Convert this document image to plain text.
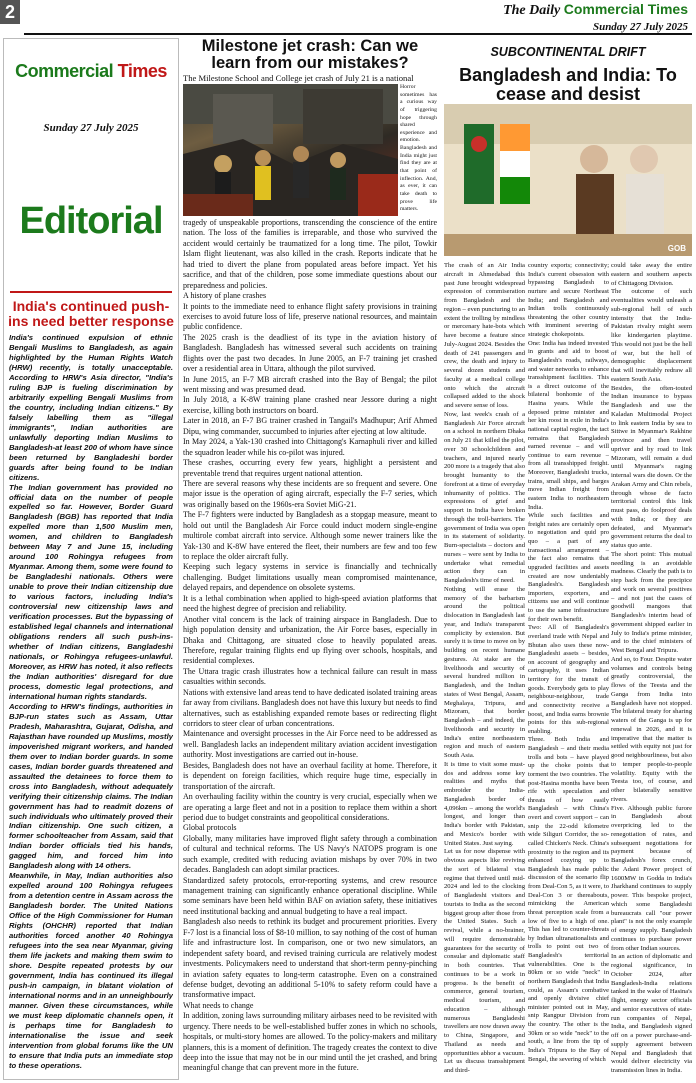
2	The Daily Commercial Times
Sunday 27 July 2025
Commercial Times
Sunday 27 July 2025
Editorial
India's continued push-ins need better response

India's continued expulsion of ethnic Bengali Muslims to Bangladesh, as again highlighted by the Human Rights Watch (HRW) recently, is totally unacceptable. According to HRW's Asia director, "India's ruling BJP is fueling discrimination by arbitrarily expelling Bengali Muslims from the country, including Indian citizens." By falsely labelling them as "illegal immigrants", Indian authorities are unlawfully deporting Indian Muslims to Bangladesh-at least 200 of whom have since been returned by Bangladeshi border guards after being found to be Indian citizens.

The Indian government has provided no official data on the number of people expelled so far. However, Border Guard Bangladesh (BGB) has reported that India expelled more than 1,500 Muslim men, women, and children to Bangladesh between May 7 and June 15, including around 100 Rohingya refugees from Myanmar. Among them, some were found to be Bangladeshi nationals. Others were unable to prove their Indian citizenship due to various factors, including India's controversial new citizenship laws and verification processes. But the bypassing of established legal channels and international obligations renders all such push-ins-whether of Indian citizens, Bangladeshi nationals, or Rohingya refugees-unlawful. Moreover, as HRW has noted, it also reflects the Indian authorities' disregard for due process, domestic legal protections, and international human rights standards.

According to HRW's findings, authorities in BJP-run states such as Assam, Uttar Pradesh, Maharashtra, Gujarat, Odisha, and Rajasthan have rounded up Muslims, mostly impoverished migrant workers, and handed them over to Indian border guards. In some cases, Indian border guards threatened and assaulted the detainees to force them to cross into Bangladesh, without adequately verifying their citizenship claims. The Indian government has had to readmit dozens of such individuals who ultimately proved their Indian citizenship. One such citizen, a former schoolteacher from Assam, said that Indian border officials tied his hands, gagged him, and forced him into Bangladesh along with 14 others.

Meanwhile, in May, Indian authorities also expelled around 100 Rohingya refugees from a detention centre in Assam across the Bangladesh border. The United Nations Office of the High Commissioner for Human Rights (OHCHR) reported that Indian authorities forced another 40 Rohingya refugees into the sea near Myanmar, giving them life jackets and making them swim to shore. Despite repeated protests by our government, India has continued its illegal push-in campaign, in blatant violation of international norms and in an unneighbourly manner. Given these circumstances, while we must keep diplomatic channels open, it is perhaps time for Bangladesh to internationalise the issue and seek intervention from global forums like the UN to ensure that India puts an immediate stop to these operations.

Milestone jet crash: Can we learn from our mistakes?
The Milestone School and College jet crash of July 21 is a national
Horror sometimes has a curious way of triggering hope through shared experience and emotion. Bangladesh and India might just find they are at that point of inflection. And, as ever, it can take death to prove life matters.

tragedy of unspeakable proportions, transcending the conscience of the entire nation. The loss of the families is irreparable, and those who survived the accident would certainly be traumatized for a long time. The pilot, Towkir Islam flight lieutenant, was also killed in the crash. Reports indicate that he had tried to divert the plane from populated areas before impact. Yet his sacrifice, and that of the children, pose some immediate questions about our preparedness and policies.

A history of plane crashes

It points to the immediate need to enhance flight safety provisions in training exercises to avoid future loss of life, preserve national resources, and maintain public confidence.

The 2025 crash is the deadliest of its type in the aviation history of Bangladesh. Bangladesh has witnessed several such accidents on training flights over the past two decades. In June 2005, an F-7 training jet crashed over a residential area in Uttara, although the pilot survived.

In June 2015, an F-7 MB aircraft crashed into the Bay of Bengal; the pilot went missing and was presumed dead.

In July 2018, a K-8W training plane crashed near Jessore during a night exercise, killing both instructors on board.

Later in 2018, an F-7 BG trainer crashed in Tangail's Madhupur; Arif Ahmed Dipu, wing commander, succumbed to injuries after ejecting at low altitude.

In May 2024, a Yak-130 crashed into Chittagong's Karnaphuli river and killed the squadron leader while his co-pilot was injured.

These crashes, occurring every few years, highlight a persistent and preventable trend that requires urgent national attention.

There are several reasons why these incidents are so frequent and severe. One major issue is the operation of aging aircraft, especially the F-7 series, which was originally based on the 1960s-era Soviet MiG-21.

The F-7 fighters were inducted by Bangladesh as a stopgap measure, meant to hold out until the Bangladesh Air Force could induct modern single-engine multirole combat aircraft into service. Although some newer trainers like the Yak-130 and K-8W have entered the fleet, their numbers are few and too few to replace the older aircraft fully.

Keeping such legacy systems in service is financially and technically challenging. Budget limitations usually mean compromised maintenance, delayed repairs, and dependence on obsolete systems.

It is a lethal combination when applied to high-speed aviation platforms that need the highest degree of precision and reliability.

Another vital concern is the lack of training airspace in Bangladesh. Due to high population density and urbanization, the Air Force bases, especially in Dhaka and Chittagong, are situated close to heavily populated areas. Therefore, regular training flights end up flying over schools, hospitals, and residential complexes.

The Uttara tragic crash illustrates how a technical failure can result in mass casualties within seconds.

Nations with extensive land areas tend to have dedicated isolated training areas far away from civilians. Bangladesh does not have this luxury but needs to find alternatives, such as establishing expanded remote bases or redirecting flight corridors to steer clear of urban concentrations.

Maintenance and oversight processes in the Air Force need to be addressed as well. Bangladesh lacks an independent military aviation accident investigation authority. Most investigations are carried out in-house.

Besides, Bangladesh does not have an overhaul facility at home. Therefore, it is dependent on foreign facilities, which require huge time, especially in transportation of the aircraft.

An overhauling facility within the country is very crucial, especially when we are operating a large fleet and not in a position to replace them within a short period due to budget constraints and geopolitical considerations.

Global protocols

Globally, many militaries have improved flight safety through a combination of cultural and technical reforms. The US Navy's NATOPS program is one such example, credited with reducing aviation mishaps by over 70% in two decades. Bangladesh can adopt similar practices.

Standardized safety protocols, error-reporting systems, and crew resource management training can significantly enhance operational discipline. While some seminars have been held within BAF on aviation safety, these initiatives need institutional backing and annual budgeting to have a real impact.

Bangladesh also needs to rethink its budget and procurement priorities. Every F-7 lost is a financial loss of $8-10 million, to say nothing of the cost of human life and infrastructure lost. In comparison, one or two new simulators, an independent safety board, and revised training curricula are relatively modest investments. Policymakers need to understand that short-term penny-pinching in aviation safety equates to long-term catastrophe. Even on a constrained defense budget, devoting an additional 5-10% to safety reform could have a transformative impact.

What needs to change

In addition, zoning laws surrounding military airbases need to be revisited with urgency. There needs to be well-established buffer zones in which no schools, hospitals, or multi-story homes are allowed. To the policy-makers and military planners, this is a moment of definition. The tragedy creates the context to dive deep into the issue that may not be in our mind until the jet crashed, and bring meaningful change that can prevent more in the future.

SUBCONTINENTAL DRIFT
Bangladesh and India: To cease and desist
GOB

The crash of an Air India aircraft in Ahmedabad this past June brought widespread expression of commiseration from Bangladesh and the region – even puncturing to an extent the trolling by mindless or mercenary hate-bots which have become a feature since July-August 2024. Besides the death of 241 passengers and crew, the death and injury to several dozen students and faculty at a medical college onto which the aircraft collapsed added to the shock and severe sense of loss.

Now, last week's crash of a Bangladesh Air Force aircraft on a school in northern Dhaka on July 21 that killed the pilot, over 30 schoolchildren and teachers, and injured nearly 200 more is a tragedy that also brought humanity to the forefront at a time of everyday inhumanity of politics. The expressions of grief and support in India have broken through the troll-barriers. The government of India was open in its statement of solidarity. Burn-specialists – doctors and nurses – were sent by India to undertake what remedial action they can in Bangladesh's time of need.

Nothing will erase the memory of the barbarism around the political dislocation in Bangladesh last year, and India's transparent complicity by extension. But surely it is time to move on by building on recent humane gestures. At stake are the livelihoods and security of several hundred million in Bangladesh, and the Indian states of West Bengal, Assam, Meghalaya, Tripura, and Mizoram, that border Bangladesh – and indeed, the livelihoods and security in India's entire northeastern region and much of eastern South Asia.

It is time to visit some must-dos and address some key realities and myths that embroider the India-Bangladesh border of 4,096km – among the world's longest, and longer than India's border with Pakistan, and Mexico's border with United States. Just saying.

Let us for now dispense with obvious aspects like reviving the sort of bilateral visa regime that thrived until mid-2024 and led to the clocking of Bangladeshi visitors and tourists to India as the second biggest group after those from the United States. Such a revival, while a no-brainer, will require demonstrable guarantees for the security of consular and diplomatic staff in both countries. That continues to be a work in progress. Is the benefit of commerce, general tourism, medical tourism, and education – although numerous Bangladeshi travellers are now drawn away to China, Singapore, and Thailand as needs and opportunities abhor a vacuum. Let us discuss transshipment and third-

country exports; connectivity; India's current obsession with bypassing Bangladesh to nurture and secure Northeast India; and Bangladesh and Indian trolls continuously threatening the other country with imminent severing of strategic chokepoints.

One: India has indeed invested in grants and aid to boost Bangladesh's roads, railways, and water networks to enhance transshipment facilities. This is a direct outcome of the bilateral bonhomie of the Hasina years. While the deposed prime minister and her kin roost in exile in India's national capital region, the tact remains that Bangladesh earned revenue – and will continue to earn revenue – from all transshipped freight. Moreover, Bangladeshi trucks, trains, small ships, and barges move Indian freight from eastern India to northeastern India.

While such facilities and freight rates are certainly open to negotiation and quid pro quo – a part of any transactional arrangement – the fact also remains that upgraded facilities and assets created are now undeniably Bangladesh's. Bangladesh importers, exporters, and citizens use and will continue to use the same infrastructure for their own benefit.

Two: All of Bangladesh's overland trade with Nepal and Bhutan also uses these now-Bangladeshi assets – besides, on account of geography and cartography, it uses Indian territory for the transit of goods. Everybody gets to play neighbour-neighbour, trade and connectivity receive a boost, and India earns brownie points for this sub-regional enabling.

Three. Both India and Bangladesh – and their media trolls and bots – have played up the choke points that torment the two countries. The post-Hasina months have been rife with speculation and threats of how easily Bangladesh – with China's overt and covert support – can snip the 22-odd kilometre wide Siliguri Corridor, the so-called Chicken's Neck. China's proximity to the region and its enhanced cozying up to Bangladesh has made public discussion of the scenario flip from Deal-Con 5, as it were, to Deal-Con 3 or thereabouts, mimicking the American threat perception scale from a low of five to a high of one. This has led to counter-threats by Indian ultranationalists and trolls to point out two of Bangladesh's territorial vulnerabilities. One is the 80km or so wide "neck" in northern Bangladesh that India could, as Assam's combative and openly divisive chief minister pointed out in May, snip Rangpur Division from the country. The other is the 30km or so wide "neck" to the south, a line from the tip of India's Tripura to the Bay of Bengal, the severing of which

could take away the entire eastern and southern aspects of Chittagong Division.

The outcome of such eventualities would unleash a sub-regional hell of such intensity that the India-Pakistan rivalry might seem like kindergarten playtime. This would not just be the hell of war, but the hell of demographic displacement that will inevitably redraw all eastern South Asia.

Besides, the often-touted Indian insurance to bypass Bangladesh and use the Kaladan Multimodal Project to link eastern India by sea to Sittwe in Myanmar's Rakhine province and then travel upriver and by road to link Mizoram, will remain a dud until Myanmar's raging internal wars die down. Or the Arakan Army and Chin rebels, through whose de facto territorial control this link must pass, do foolproof deals with India; or they are defeated, and Myanmar's government returns the deal to status quo ante.

The short point: This mutual needling is an avoidable madness. Clearly the path is to step back from the precipice and work on several positives – and not just the cases of goodwill mangoes that Bangladesh's interim head of government shipped earlier in July to India's prime minister, and to the chief ministers of West Bengal and Tripura.

And so, to Four. Despite water volumes and controls being greatly controversial, the flows of the Teesta and the Ganga from India into Bangladesh have not stopped. The bilateral treaty for sharing waters of the Ganga is up for renewal in 2026, and it is imperative that the matter is settled with equity not just for good neighbourliness, but also to temper people-to-people volatility. Equity with the Teesta too, of course, and other bilaterally sensitive rivers.

Five. Although public furore in Bangladesh about overpricing led to the renegotiation of rates, and subsequent negotiations for payment because of Bangladesh's forex crunch, the Adani Power project of 1600MW in Godda in India's Jharkhand continues to supply power. This bespoke project, which some Bangladeshi bureaucrats call "our power plant" is not the only example of energy supply. Bangladesh continues to purchase power from other Indian sources.

In an action of diplomatic and regional significance, in October 2024, after Bangladesh-India relations tanked in the wake of Hasina's flight, energy sector officials and senior executives of state-run companies of Nepal, India, and Bangladesh signed off on a power purchase-and-supply agreement between Nepal and Bangladesh that would deliver electricity via transmission lines in India.
